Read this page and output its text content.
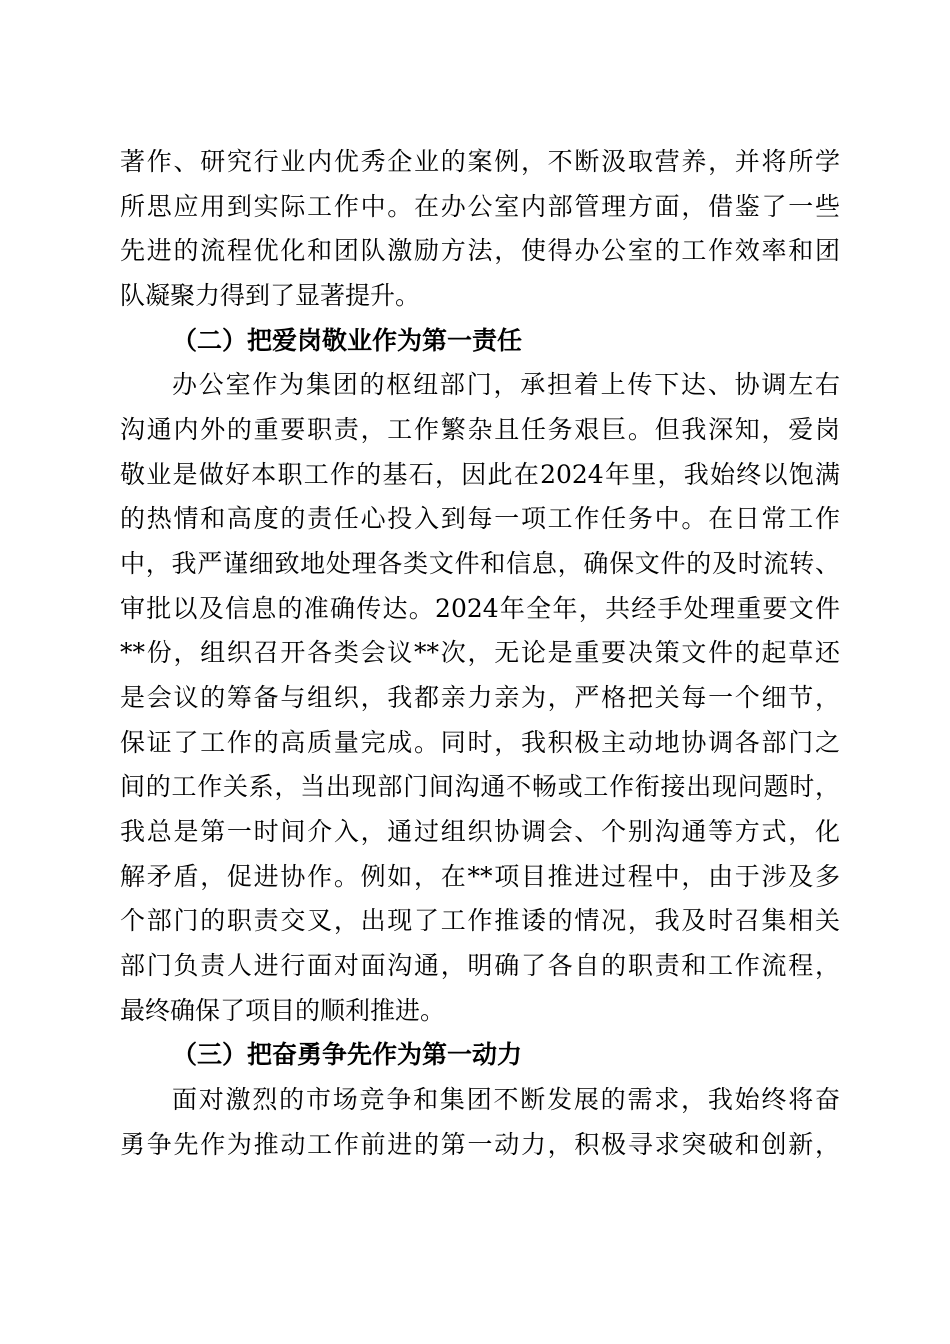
著作、研究行业内优秀企业的案例，不断汲取营养，并将所学
所思应用到实际工作中。在办公室内部管理方面，借鉴了一些
先进的流程优化和团队激励方法，使得办公室的工作效率和团
队凝聚力得到了显著提升。
（二）把爱岗敬业作为第一责任
办公室作为集团的枢纽部门，承担着上传下达、协调左右
沟通内外的重要职责，工作繁杂且任务艰巨。但我深知，爱岗
敬业是做好本职工作的基石，因此在2024年里，我始终以饱满
的热情和高度的责任心投入到每一项工作任务中。在日常工作
中，我严谨细致地处理各类文件和信息，确保文件的及时流转、
审批以及信息的准确传达。2024年全年，共经手处理重要文件
**份，组织召开各类会议**次，无论是重要决策文件的起草还
是会议的筹备与组织，我都亲力亲为，严格把关每一个细节，
保证了工作的高质量完成。同时，我积极主动地协调各部门之
间的工作关系，当出现部门间沟通不畅或工作衔接出现问题时，
我总是第一时间介入，通过组织协调会、个别沟通等方式，化
解矛盾，促进协作。例如，在**项目推进过程中，由于涉及多
个部门的职责交叉，出现了工作推诿的情况，我及时召集相关
部门负责人进行面对面沟通，明确了各自的职责和工作流程，
最终确保了项目的顺利推进。
（三）把奋勇争先作为第一动力
面对激烈的市场竞争和集团不断发展的需求，我始终将奋
勇争先作为推动工作前进的第一动力，积极寻求突破和创新，
